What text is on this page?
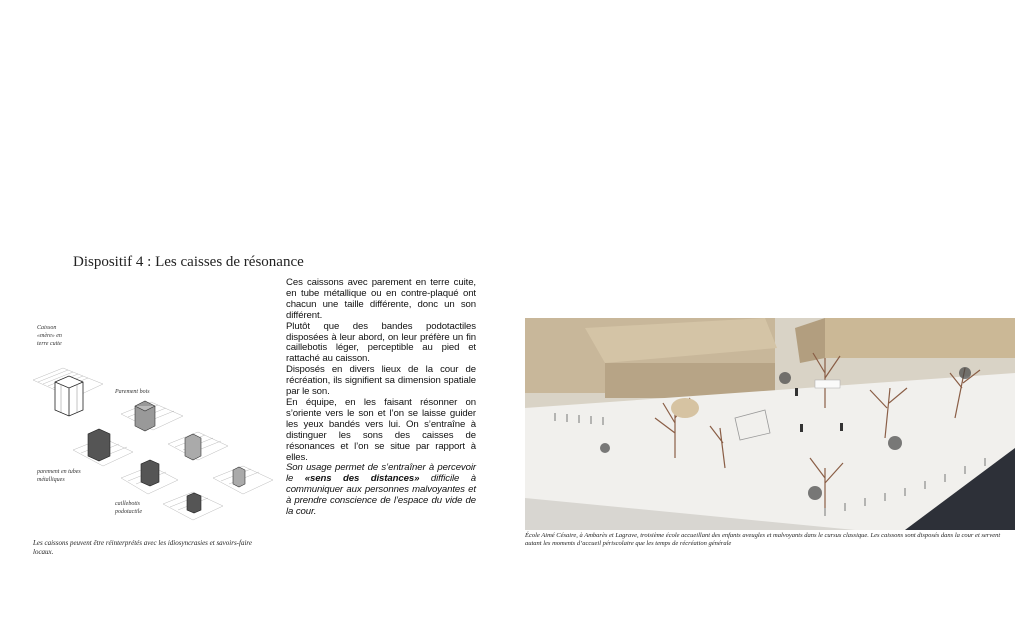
Dispositif 4 : Les caisses de résonance
Caisson
«mère» en
terre cuite
Parement bois
parement en tubes
métalliques
caillebotis
podotactile
Les caissons peuvent être réinterprétés avec les idiosyncrasies et savoirs-faire locaux.

Ces caissons avec parement en terre cuite, en tube métallique ou en contre-plaqué ont chacun une taille différente, donc un son différent.

Plutôt que des bandes podotactiles disposées à leur abord, on leur préfère un fin caillebotis léger, perceptible au pied et rattaché au caisson.

Disposés en divers lieux de la cour de récréation, ils signifient sa dimension spatiale par le son.

En équipe, en les faisant résonner on s’oriente vers le son et l’on se laisse guider les yeux bandés vers lui. On s’entraîne à distinguer les sons des caisses de résonances et l’on se situe par rapport à elles.

Son usage permet de s’entraîner à percevoir le «sens des distances» difficile à communiquer aux personnes malvoyantes et à prendre conscience de l’espace du vide de la cour.

École Aimé Césaire, à Ambarès et Lagrave, troisième école accueillant des enfants aveugles et malvoyants dans le cursus classique. Les caissons sont disposés dans la cour et servent autant les moments d’accueil périscolaire que les temps de récréation générale
